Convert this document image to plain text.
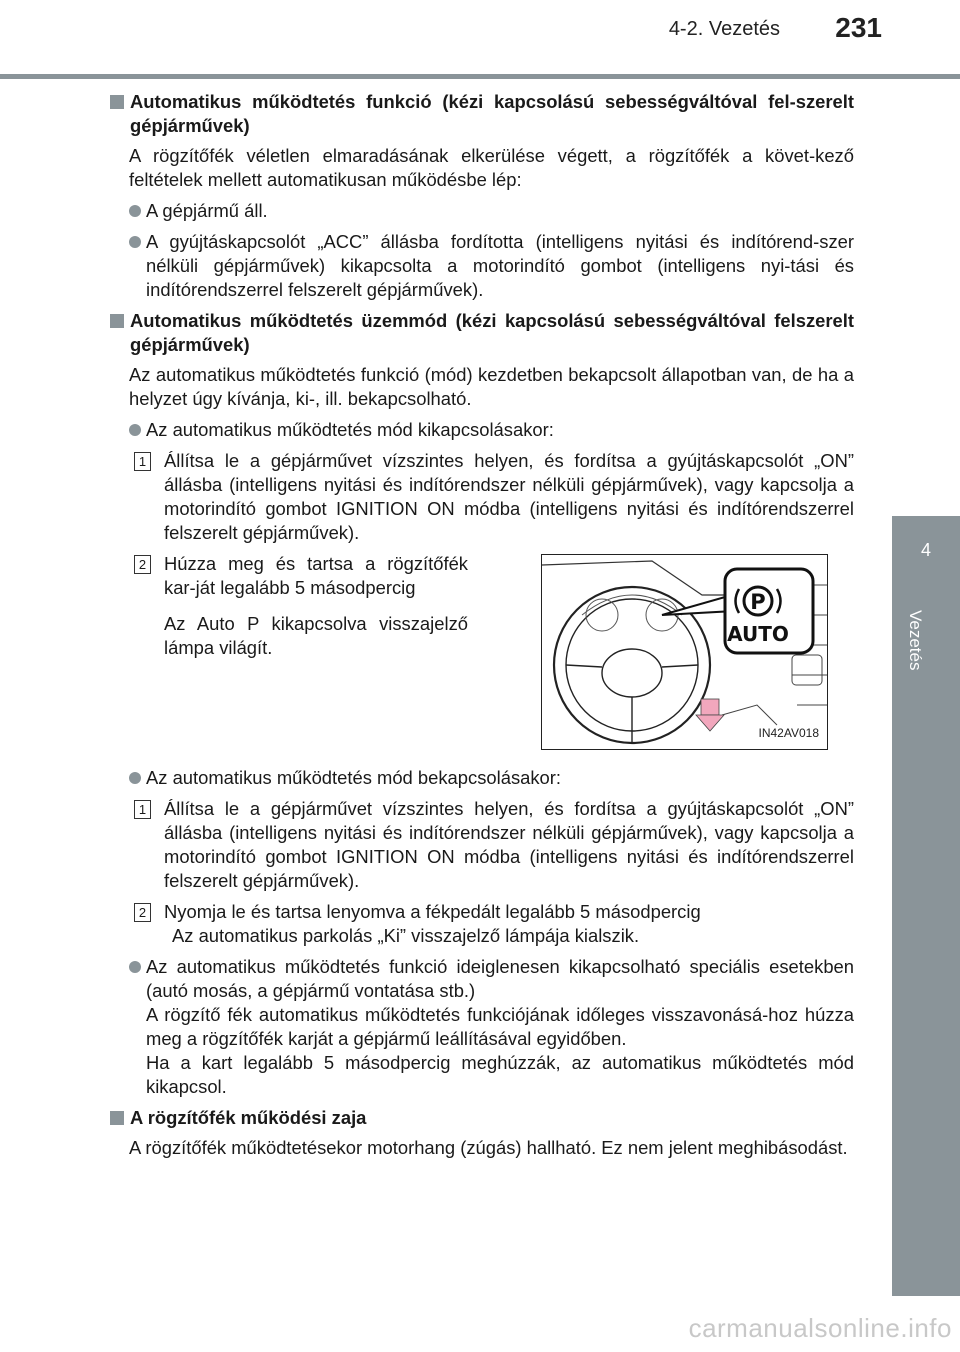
4-2. Vezetés 231
4
Vezetés
Automatikus működtetés funkció (kézi kapcsolású sebességváltóval fel-szerelt gépjárművek)
A rögzítőfék véletlen elmaradásának elkerülése végett, a rögzítőfék a követ-kező feltételek mellett automatikusan működésbe lép:
A gépjármű áll.
A gyújtáskapcsolót „ACC” állásba fordította (intelligens nyitási és indítórend-szer nélküli gépjárművek) kikapcsolta a motorindító gombot (intelligens nyi-tási és indítórendszerrel felszerelt gépjárművek).
Automatikus működtetés üzemmód (kézi kapcsolású sebességváltóval felszerelt gépjárművek)
Az automatikus működtetés funkció (mód) kezdetben bekapcsolt állapotban van, de ha a helyzet úgy kívánja, ki-, ill. bekapcsolható.
Az automatikus működtetés mód kikapcsolásakor:
1 Állítsa le a gépjárművet vízszintes helyen, és fordítsa a gyújtáskapcsolót „ON” állásba (intelligens nyitási és indítórendszer nélküli gépjárművek), vagy kapcsolja a motorindító gombot IGNITION ON módba (intelligens nyitási és indítórendszerrel felszerelt gépjárművek).
2 Húzza meg és tartsa a rögzítőfék kar-ját legalább 5 másodpercig
Az Auto P kikapcsolva visszajelző lámpa világít.
P
AUTO
IN42AV018
Az automatikus működtetés mód bekapcsolásakor:
1 Állítsa le a gépjárművet vízszintes helyen, és fordítsa a gyújtáskapcsolót „ON” állásba (intelligens nyitási és indítórendszer nélküli gépjárművek), vagy kapcsolja a motorindító gombot IGNITION ON módba (intelligens nyitási és indítórendszerrel felszerelt gépjárművek).
2 Nyomja le és tartsa lenyomva a fékpedált legalább 5 másodpercig
Az automatikus parkolás „Ki” visszajelző lámpája kialszik.
Az automatikus működtetés funkció ideiglenesen kikapcsolható speciális esetekben (autó mosás, a gépjármű vontatása stb.)
A rögzítő fék automatikus működtetés funkciójának időleges visszavonásá-hoz húzza meg a rögzítőfék karját a gépjármű leállításával egyidőben.
Ha a kart legalább 5 másodpercig meghúzzák, az automatikus működtetés mód kikapcsol.
A rögzítőfék működési zaja
A rögzítőfék működtetésekor motorhang (zúgás) hallható. Ez nem jelent meghibásodást.
carmanualsonline.info
